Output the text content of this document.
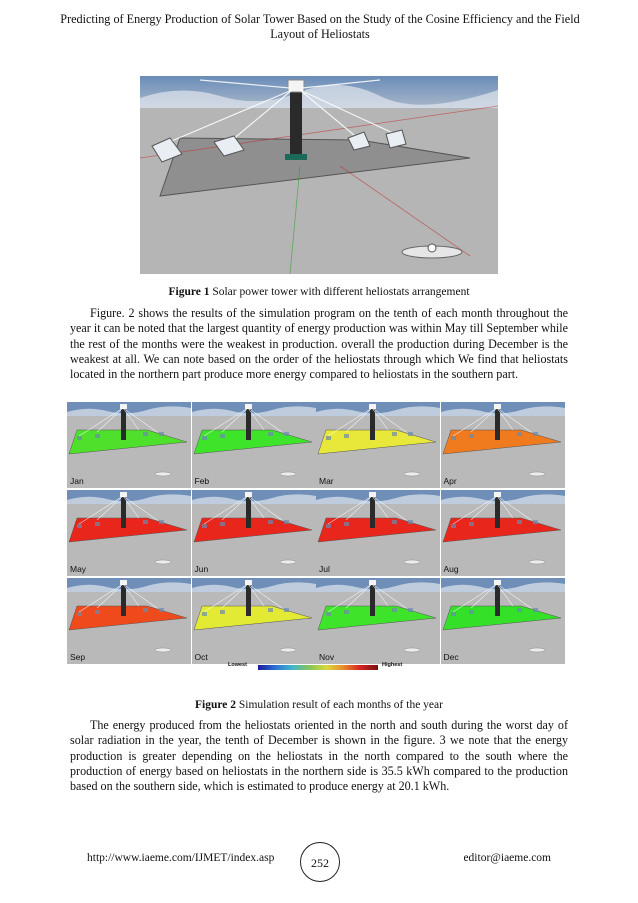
Predicting of Energy Production of Solar Tower Based on the Study of the Cosine Efficiency and the Field Layout of Heliostats
Figure 1 Solar power tower with different heliostats arrangement

Figure. 2 shows the results of the simulation program on the tenth of each month throughout the year it can be noted that the largest quantity of energy production was within May till September while the rest of the months were the weakest in production. overall the production during December is the weakest at all. We can note based on the order of the heliostats through which We find that heliostats located in the northern part produce more energy compared to heliostats in the southern part.

Jan	Feb	Mar	Apr
May	Jun	Jul	Aug
Sep	Oct	Nov	Dec
Lowest	Highest
Figure 2 Simulation result of each months of the year

The energy produced from the heliostats oriented in the north and south during the worst day of solar radiation in the year, the tenth of December is shown in the figure. 3 we note that the energy production is greater depending on the heliostats in the north compared to the south where the production of energy based on heliostats in the northern side is 35.5 kWh compared to the production based on the southern side, which is estimated to produce energy at 20.1 kWh.

http://www.iaeme.com/IJMET/index.asp	252	editor@iaeme.com
